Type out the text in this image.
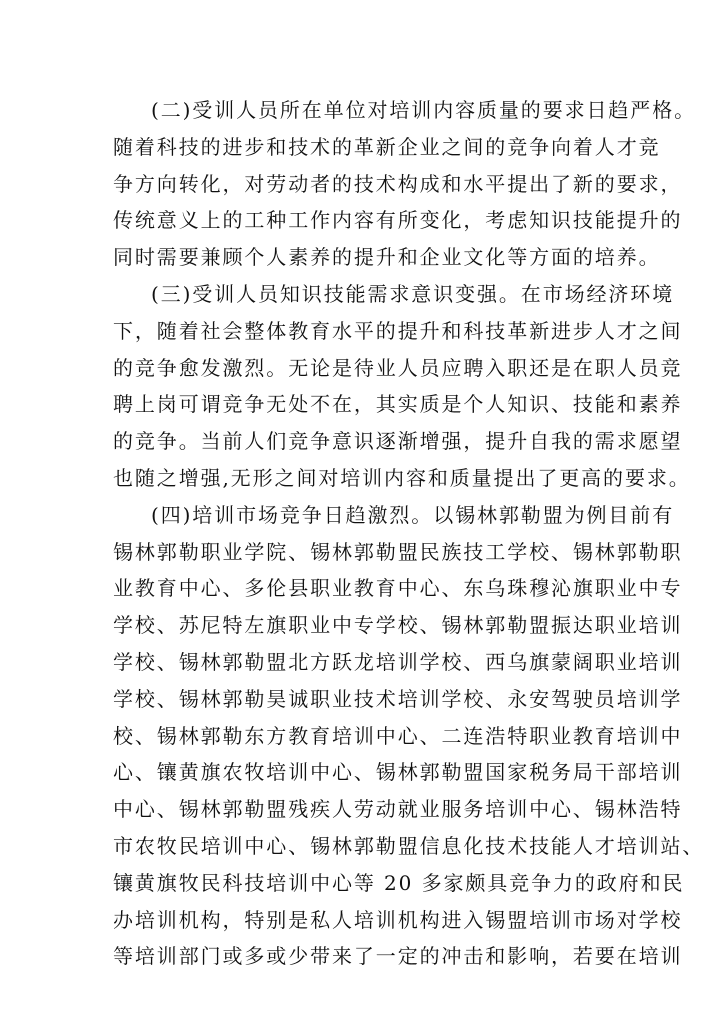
(二)受训人员所在单位对培训内容质量的要求日趋严格。
随着科技的进步和技术的革新企业之间的竞争向着人才竞
争方向转化，对劳动者的技术构成和水平提出了新的要求，
传统意义上的工种工作内容有所变化，考虑知识技能提升的
同时需要兼顾个人素养的提升和企业文化等方面的培养。
(三)受训人员知识技能需求意识变强。在市场经济环境
下，随着社会整体教育水平的提升和科技革新进步人才之间
的竞争愈发激烈。无论是待业人员应聘入职还是在职人员竞
聘上岗可谓竞争无处不在，其实质是个人知识、技能和素养
的竞争。当前人们竞争意识逐渐增强，提升自我的需求愿望
也随之增强,无形之间对培训内容和质量提出了更高的要求。
(四)培训市场竞争日趋激烈。以锡林郭勒盟为例目前有
锡林郭勒职业学院、锡林郭勒盟民族技工学校、锡林郭勒职
业教育中心、多伦县职业教育中心、东乌珠穆沁旗职业中专
学校、苏尼特左旗职业中专学校、锡林郭勒盟振达职业培训
学校、锡林郭勒盟北方跃龙培训学校、西乌旗蒙阔职业培训
学校、锡林郭勒昊诚职业技术培训学校、永安驾驶员培训学
校、锡林郭勒东方教育培训中心、二连浩特职业教育培训中
心、镶黄旗农牧培训中心、锡林郭勒盟国家税务局干部培训
中心、锡林郭勒盟残疾人劳动就业服务培训中心、锡林浩特
市农牧民培训中心、锡林郭勒盟信息化技术技能人才培训站、
镶黄旗牧民科技培训中心等 20 多家颇具竞争力的政府和民
办培训机构，特别是私人培训机构进入锡盟培训市场对学校
等培训部门或多或少带来了一定的冲击和影响，若要在培训
